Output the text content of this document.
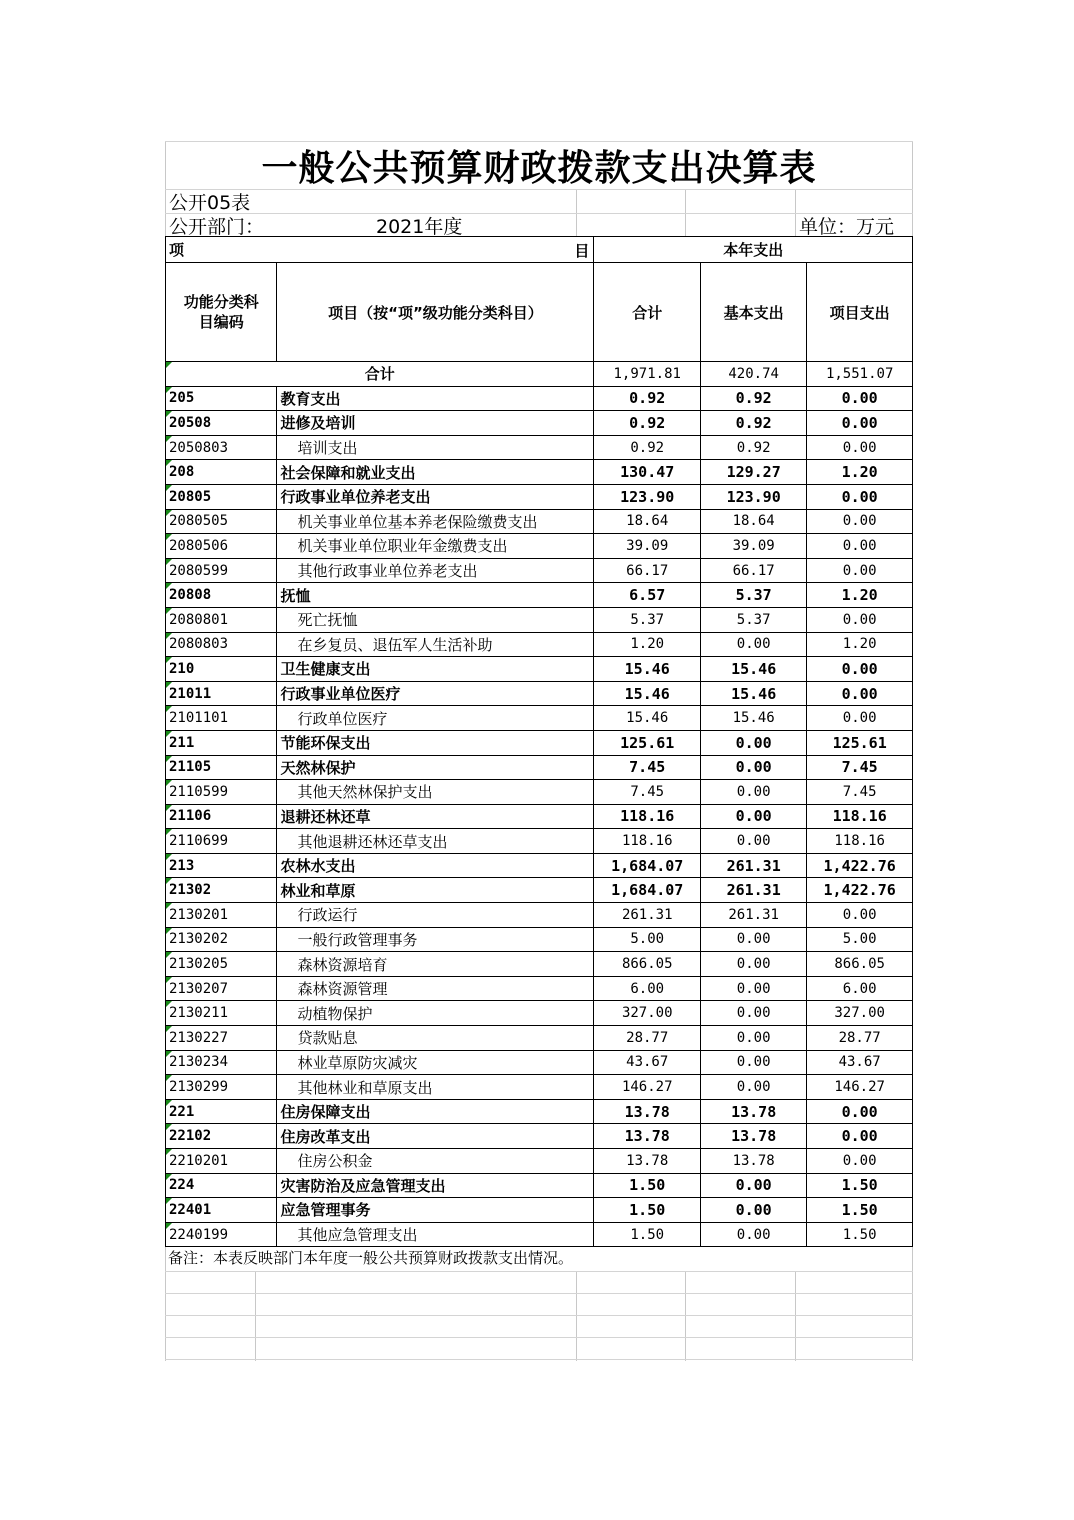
一般公共预算财政拨款支出决算表
公开05表
公开部门：	2021年度	单位：万元
项 目		本年支出		
功能分类科目编码	项目（按“项”级功能分类科目）	合计	基本支出	项目支出

合计		1,971.81	420.74	1,551.07

205	教育支出	0.92	0.92	0.00

20508	进修及培训	0.92	0.92	0.00

2050803	培训支出	0.92	0.92	0.00

208	社会保障和就业支出	130.47	129.27	1.20

20805	行政事业单位养老支出	123.90	123.90	0.00

2080505	机关事业单位基本养老保险缴费支出	18.64	18.64	0.00

2080506	机关事业单位职业年金缴费支出	39.09	39.09	0.00

2080599	其他行政事业单位养老支出	66.17	66.17	0.00

20808	抚恤	6.57	5.37	1.20

2080801	死亡抚恤	5.37	5.37	0.00

2080803	在乡复员、退伍军人生活补助	1.20	0.00	1.20

210	卫生健康支出	15.46	15.46	0.00

21011	行政事业单位医疗	15.46	15.46	0.00

2101101	行政单位医疗	15.46	15.46	0.00

211	节能环保支出	125.61	0.00	125.61

21105	天然林保护	7.45	0.00	7.45

2110599	其他天然林保护支出	7.45	0.00	7.45

21106	退耕还林还草	118.16	0.00	118.16

2110699	其他退耕还林还草支出	118.16	0.00	118.16

213	农林水支出	1,684.07	261.31	1,422.76

21302	林业和草原	1,684.07	261.31	1,422.76

2130201	行政运行	261.31	261.31	0.00

2130202	一般行政管理事务	5.00	0.00	5.00

2130205	森林资源培育	866.05	0.00	866.05

2130207	森林资源管理	6.00	0.00	6.00

2130211	动植物保护	327.00	0.00	327.00

2130227	贷款贴息	28.77	0.00	28.77

2130234	林业草原防灾减灾	43.67	0.00	43.67

2130299	其他林业和草原支出	146.27	0.00	146.27

221	住房保障支出	13.78	13.78	0.00

22102	住房改革支出	13.78	13.78	0.00

2210201	住房公积金	13.78	13.78	0.00

224	灾害防治及应急管理支出	1.50	0.00	1.50

22401	应急管理事务	1.50	0.00	1.50

2240199	其他应急管理支出	1.50	0.00	1.50
备注：本表反映部门本年度一般公共预算财政拨款支出情况。
